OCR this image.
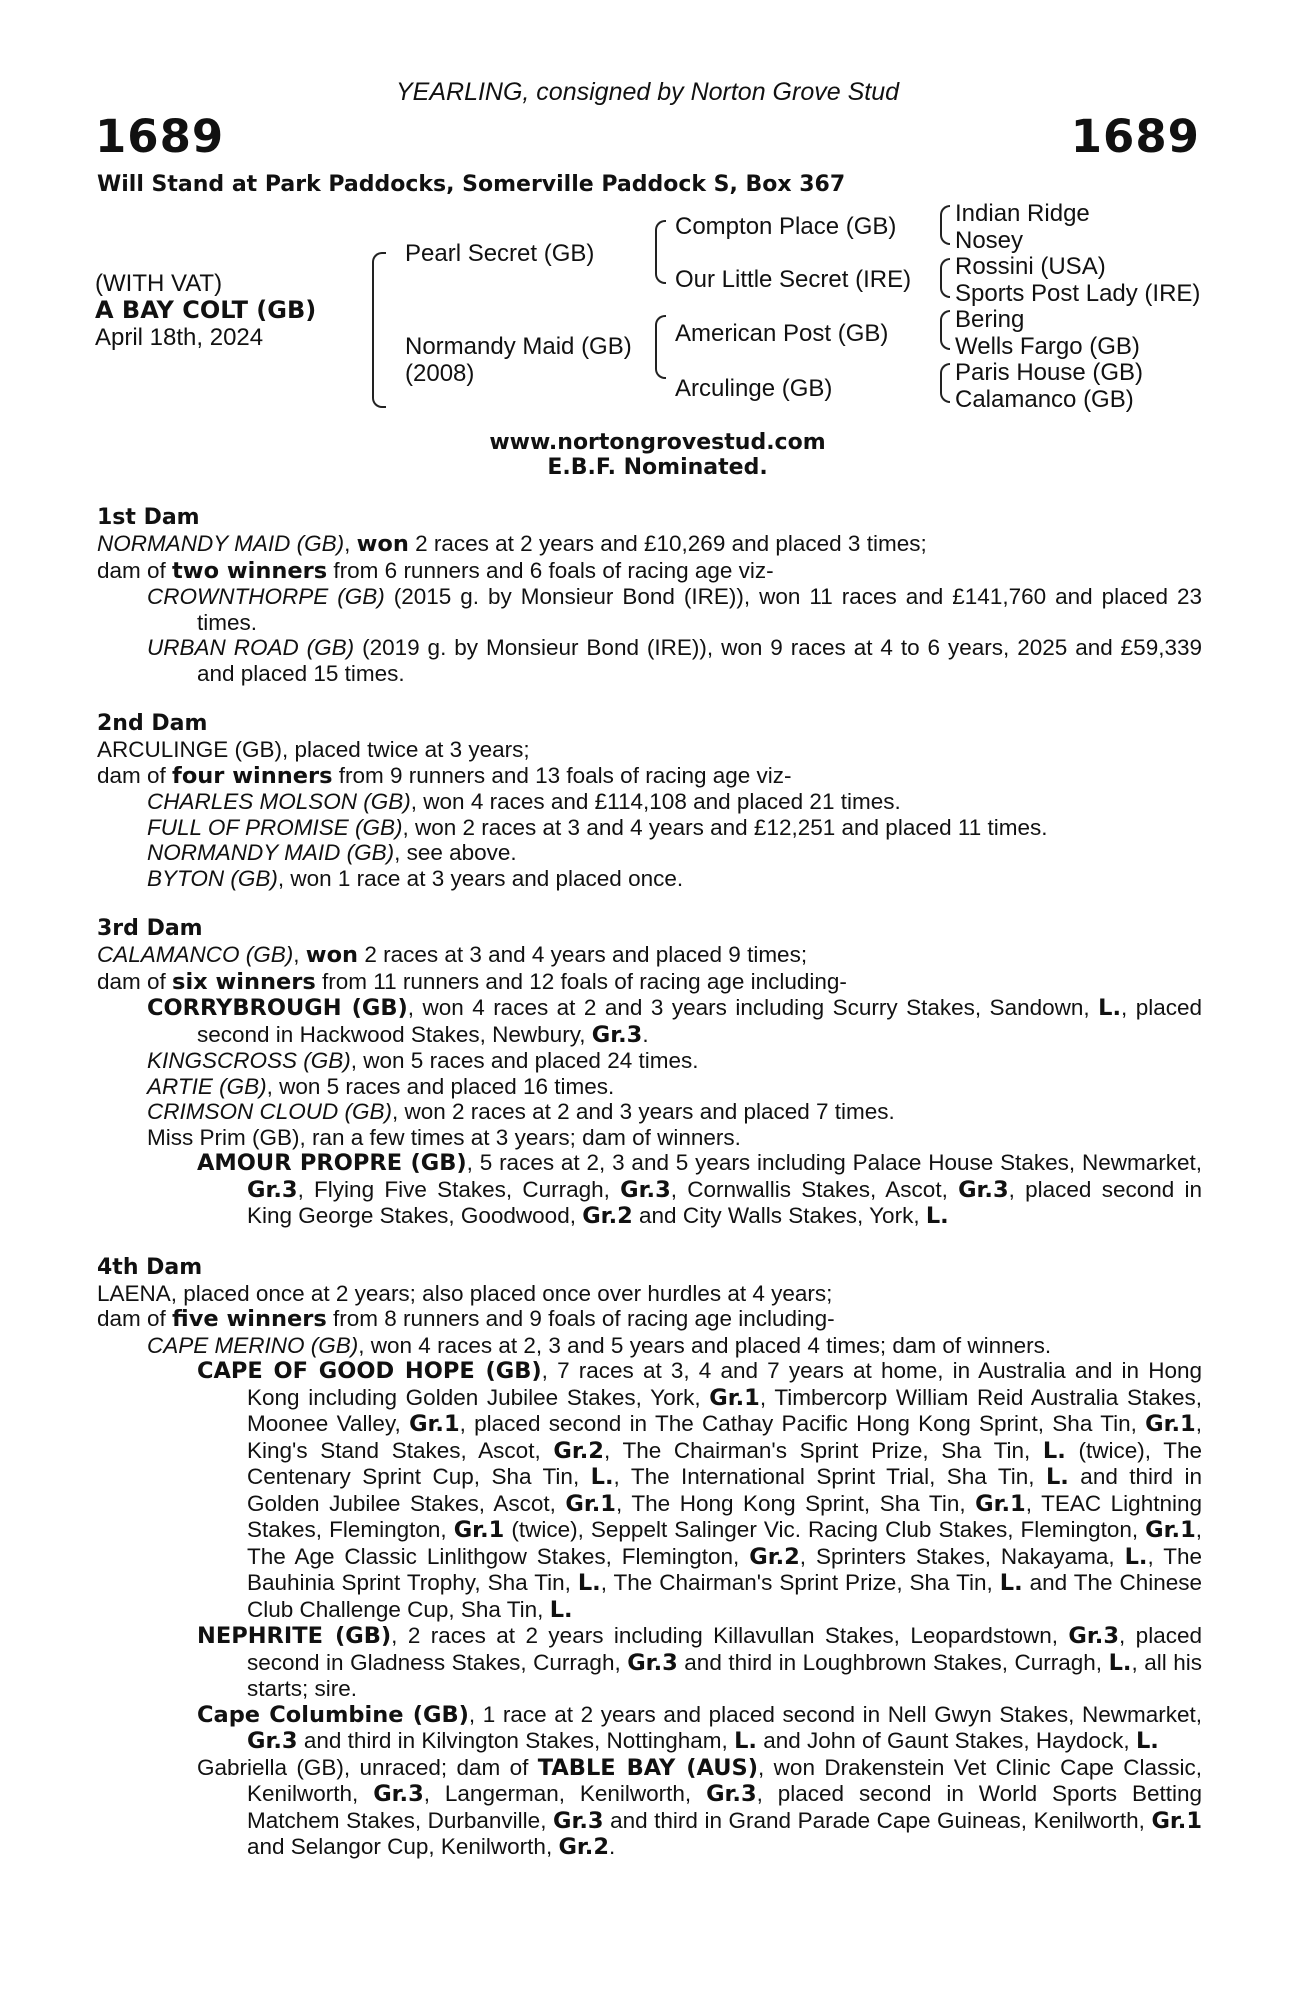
YEARLING, consigned by Norton Grove Stud
1689	1689
Will Stand at Park Paddocks, Somerville Paddock S, Box 367
(WITH VAT)
A BAY COLT (GB)
April 18th, 2024
Pearl Secret (GB)
Normandy Maid (GB)
(2008)
Compton Place (GB)
Our Little Secret (IRE)
American Post (GB)
Arculinge (GB)
Indian Ridge
Nosey
Rossini (USA)
Sports Post Lady (IRE)
Bering
Wells Fargo (GB)
Paris House (GB)
Calamanco (GB)
www.nortongrovestud.com
E.B.F. Nominated.
1st Dam

NORMANDY MAID (GB), won 2 races at 2 years and £10,269 and placed 3 times;

dam of two winners from 6 runners and 6 foals of racing age viz-

CROWNTHORPE (GB) (2015 g. by Monsieur Bond (IRE)), won 11 races and £141,760 and placed 23 times.

URBAN ROAD (GB) (2019 g. by Monsieur Bond (IRE)), won 9 races at 4 to 6 years, 2025 and £59,339 and placed 15 times.

2nd Dam

ARCULINGE (GB), placed twice at 3 years;

dam of four winners from 9 runners and 13 foals of racing age viz-

CHARLES MOLSON (GB), won 4 races and £114,108 and placed 21 times.

FULL OF PROMISE (GB), won 2 races at 3 and 4 years and £12,251 and placed 11 times.

NORMANDY MAID (GB), see above.

BYTON (GB), won 1 race at 3 years and placed once.

3rd Dam

CALAMANCO (GB), won 2 races at 3 and 4 years and placed 9 times;

dam of six winners from 11 runners and 12 foals of racing age including-

CORRYBROUGH (GB), won 4 races at 2 and 3 years including Scurry Stakes, Sandown, L., placed second in Hackwood Stakes, Newbury, Gr.3.

KINGSCROSS (GB), won 5 races and placed 24 times.

ARTIE (GB), won 5 races and placed 16 times.

CRIMSON CLOUD (GB), won 2 races at 2 and 3 years and placed 7 times.

Miss Prim (GB), ran a few times at 3 years; dam of winners.

AMOUR PROPRE (GB), 5 races at 2, 3 and 5 years including Palace House Stakes, Newmarket, Gr.3, Flying Five Stakes, Curragh, Gr.3, Cornwallis Stakes, Ascot, Gr.3, placed second in King George Stakes, Goodwood, Gr.2 and City Walls Stakes, York, L.

4th Dam

LAENA, placed once at 2 years; also placed once over hurdles at 4 years;

dam of five winners from 8 runners and 9 foals of racing age including-

CAPE MERINO (GB), won 4 races at 2, 3 and 5 years and placed 4 times; dam of winners.

CAPE OF GOOD HOPE (GB), 7 races at 3, 4 and 7 years at home, in Australia and in Hong Kong including Golden Jubilee Stakes, York, Gr.1, Timbercorp William Reid Australia Stakes, Moonee Valley, Gr.1, placed second in The Cathay Pacific Hong Kong Sprint, Sha Tin, Gr.1, King's Stand Stakes, Ascot, Gr.2, The Chairman's Sprint Prize, Sha Tin, L. (twice), The Centenary Sprint Cup, Sha Tin, L., The International Sprint Trial, Sha Tin, L. and third in Golden Jubilee Stakes, Ascot, Gr.1, The Hong Kong Sprint, Sha Tin, Gr.1, TEAC Lightning Stakes, Flemington, Gr.1 (twice), Seppelt Salinger Vic. Racing Club Stakes, Flemington, Gr.1, The Age Classic Linlithgow Stakes, Flemington, Gr.2, Sprinters Stakes, Nakayama, L., The Bauhinia Sprint Trophy, Sha Tin, L., The Chairman's Sprint Prize, Sha Tin, L. and The Chinese Club Challenge Cup, Sha Tin, L.

NEPHRITE (GB), 2 races at 2 years including Killavullan Stakes, Leopardstown, Gr.3, placed second in Gladness Stakes, Curragh, Gr.3 and third in Loughbrown Stakes, Curragh, L., all his starts; sire.

Cape Columbine (GB), 1 race at 2 years and placed second in Nell Gwyn Stakes, Newmarket, Gr.3 and third in Kilvington Stakes, Nottingham, L. and John of Gaunt Stakes, Haydock, L.

Gabriella (GB), unraced; dam of TABLE BAY (AUS), won Drakenstein Vet Clinic Cape Classic, Kenilworth, Gr.3, Langerman, Kenilworth, Gr.3, placed second in World Sports Betting Matchem Stakes, Durbanville, Gr.3 and third in Grand Parade Cape Guineas, Kenilworth, Gr.1 and Selangor Cup, Kenilworth, Gr.2.
